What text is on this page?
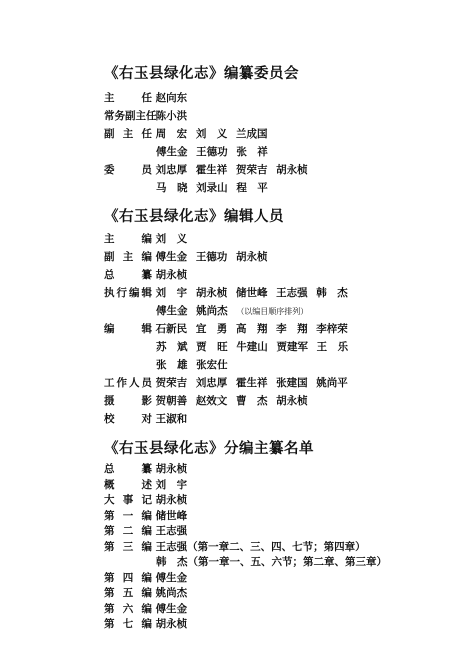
《右玉县绿化志》编纂委员会
主　　任 赵向东
常务副主任 陈小洪
副 主 任 周　宏 刘　义 兰成国
傅生金 王德功 张　祥
委　　员 刘忠厚 霍生祥 贺荣吉 胡永桢
马　晓 刘录山 程　平
《右玉县绿化志》编辑人员
主　　编 刘　义
副 主 编 傅生金 王德功 胡永桢
总　　纂 胡永桢
执行编辑 刘　宇 胡永桢 储世峰 王志强 韩　杰
傅生金 姚尚杰 （以编目顺序排列）
编　　辑 石新民 宜　勇 高　翔 李　翔 李梓荣
苏　斌 贾　旺 牛建山 贾建军 王　乐
张　雄 张宏仕
工作人员 贺荣吉 刘忠厚 霍生祥 张建国 姚尚平
摄　　影 贺朝善 赵效文 曹　杰 胡永桢
校　　对 王淑和
《右玉县绿化志》分编主纂名单
总　　纂 胡永桢
概　　述 刘　宇
大 事 记 胡永桢
第 一 编 储世峰
第 二 编 王志强
第 三 编 王志强（第一章二、三、四、七节；第四章）
韩　杰（第一章一、五、六节；第二章、第三章）
第 四 编 傅生金
第 五 编 姚尚杰
第 六 编 傅生金
第 七 编 胡永桢
